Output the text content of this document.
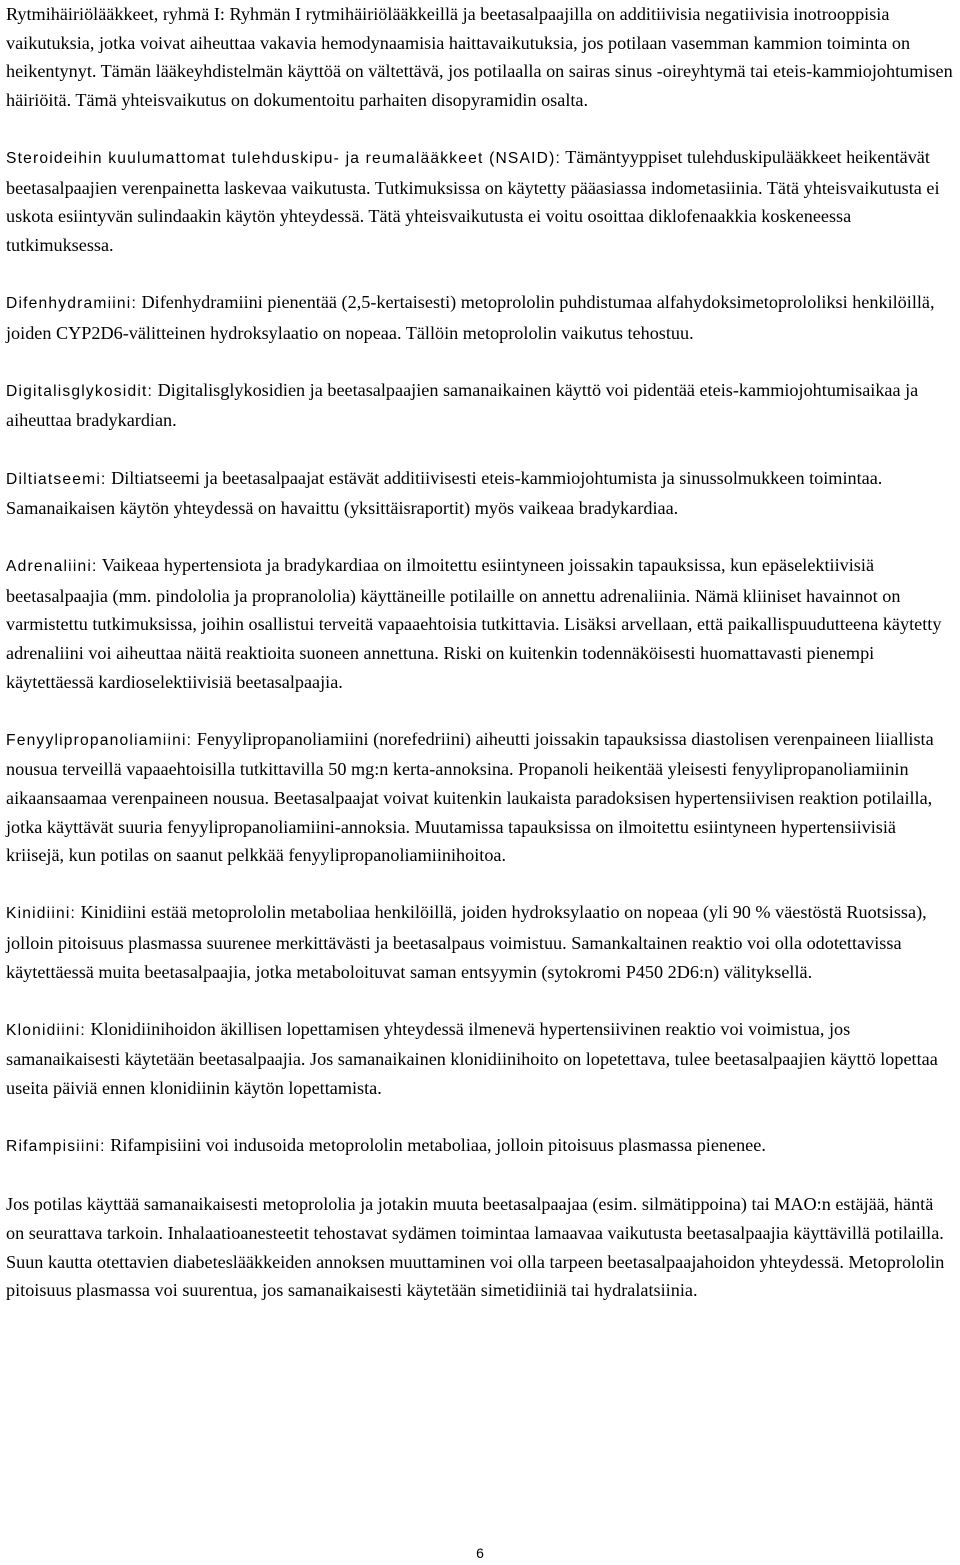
Rytmihäiriölääkkeet, ryhmä I: Ryhmän I rytmihäiriölääkkeillä ja beetasalpaajilla on additiivisia negatiivisia inotrooppisia vaikutuksia, jotka voivat aiheuttaa vakavia hemodynaamisia haittavaikutuksia, jos potilaan vasemman kammion toiminta on heikentynyt. Tämän lääkeyhdistelmän käyttöä on vältettävä, jos potilaalla on sairas sinus -oireyhtymä tai eteis-kammiojohtumisen häiriöitä. Tämä yhteisvaikutus on dokumentoitu parhaiten disopyramidin osalta.

Steroideihin kuulumattomat tulehduskipu- ja reumalääkkeet (NSAID): Tämäntyyppiset tulehduskipulääkkeet heikentävät beetasalpaajien verenpainetta laskevaa vaikutusta. Tutkimuksissa on käytetty pääasiassa indometasiinia. Tätä yhteisvaikutusta ei uskota esiintyvän sulindaakin käytön yhteydessä. Tätä yhteisvaikutusta ei voitu osoittaa diklofenaakkia koskeneessa tutkimuksessa.

Difenhydramiini: Difenhydramiini pienentää (2,5-kertaisesti) metoprololin puhdistumaa alfahydoksimetoprololiksi henkilöillä, joiden CYP2D6-välitteinen hydroksylaatio on nopeaa. Tällöin metoprololin vaikutus tehostuu.

Digitalisglykosidit: Digitalisglykosidien ja beetasalpaajien samanaikainen käyttö voi pidentää eteis-kammiojohtumisaikaa ja aiheuttaa bradykardian.

Diltiatseemi: Diltiatseemi ja beetasalpaajat estävät additiivisesti eteis-kammiojohtumista ja sinussolmukkeen toimintaa. Samanaikaisen käytön yhteydessä on havaittu (yksittäisraportit) myös vaikeaa bradykardiaa.

Adrenaliini: Vaikeaa hypertensiota ja bradykardiaa on ilmoitettu esiintyneen joissakin tapauksissa, kun epäselektiivisiä beetasalpaajia (mm. pindololia ja propranololia) käyttäneille potilaille on annettu adrenaliinia. Nämä kliiniset havainnot on varmistettu tutkimuksissa, joihin osallistui terveitä vapaaehtoisia tutkittavia. Lisäksi arvellaan, että paikallispuudutteena käytetty adrenaliini voi aiheuttaa näitä reaktioita suoneen annettuna. Riski on kuitenkin todennäköisesti huomattavasti pienempi käytettäessä kardioselektiivisiä beetasalpaajia.

Fenyylipropanoliamiini: Fenyylipropanoliamiini (norefedriini) aiheutti joissakin tapauksissa diastolisen verenpaineen liiallista nousua terveillä vapaaehtoisilla tutkittavilla 50 mg:n kerta-annoksina. Propanoli heikentää yleisesti fenyylipropanoliamiinin aikaansaamaa verenpaineen nousua. Beetasalpaajat voivat kuitenkin laukaista paradoksisen hypertensiivisen reaktion potilailla, jotka käyttävät suuria fenyylipropanoliamiini-annoksia. Muutamissa tapauksissa on ilmoitettu esiintyneen hypertensiivisiä kriisejä, kun potilas on saanut pelkkää fenyylipropanoliamiinihoitoa.

Kinidiini: Kinidiini estää metoprololin metaboliaa henkilöillä, joiden hydroksylaatio on nopeaa (yli 90 % väestöstä Ruotsissa), jolloin pitoisuus plasmassa suurenee merkittävästi ja beetasalpaus voimistuu. Samankaltainen reaktio voi olla odotettavissa käytettäessä muita beetasalpaajia, jotka metaboloituvat saman entsyymin (sytokromi P450 2D6:n) välityksellä.

Klonidiini: Klonidiinihoidon äkillisen lopettamisen yhteydessä ilmenevä hypertensiivinen reaktio voi voimistua, jos samanaikaisesti käytetään beetasalpaajia. Jos samanaikainen klonidiinihoito on lopetettava, tulee beetasalpaajien käyttö lopettaa useita päiviä ennen klonidiinin käytön lopettamista.

Rifampisiini: Rifampisiini voi indusoida metoprololin metaboliaa, jolloin pitoisuus plasmassa pienenee.

Jos potilas käyttää samanaikaisesti metoprololia ja jotakin muuta beetasalpaajaa (esim. silmätippoina) tai MAO:n estäjää, häntä on seurattava tarkoin. Inhalaatioanesteetit tehostavat sydämen toimintaa lamaavaa vaikutusta beetasalpaajia käyttävillä potilailla. Suun kautta otettavien diabeteslääkkeiden annoksen muuttaminen voi olla tarpeen beetasalpaajahoidon yhteydessä. Metoprololin pitoisuus plasmassa voi suurentua, jos samanaikaisesti käytetään simetidiiniä tai hydralatsiinia.

6
